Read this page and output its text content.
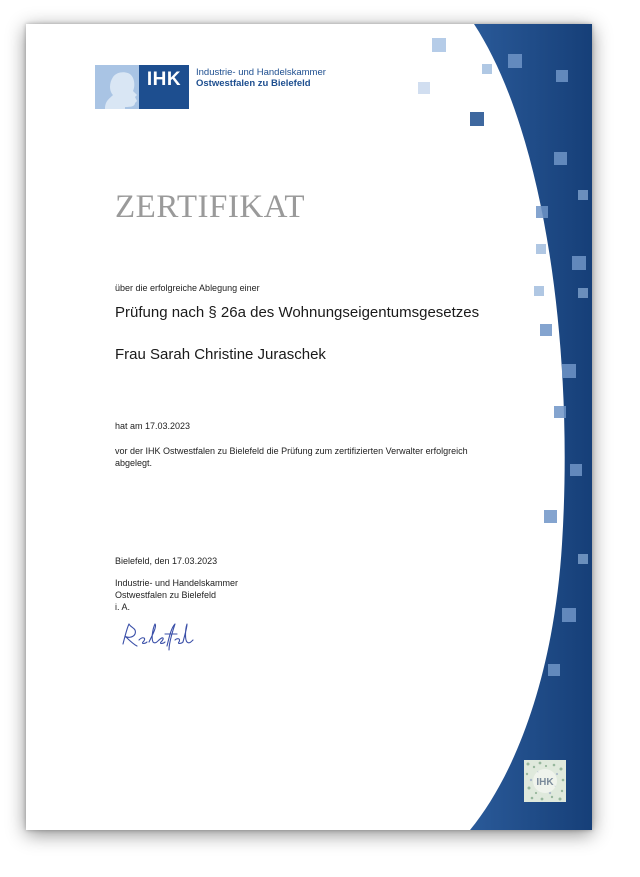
IHK	Industrie- und Handelskammer
Ostwestfalen zu Bielefeld
ZERTIFIKAT
über die erfolgreiche Ablegung einer
Prüfung nach § 26a des Wohnungseigentumsgesetzes
Frau Sarah Christine Juraschek
hat am 17.03.2023
vor der IHK Ostwestfalen zu Bielefeld die Prüfung zum zertifizierten Verwalter erfolgreich
abgelegt.
Bielefeld, den 17.03.2023
Industrie- und Handelskammer
Ostwestfalen zu Bielefeld
i. A.
IHK
